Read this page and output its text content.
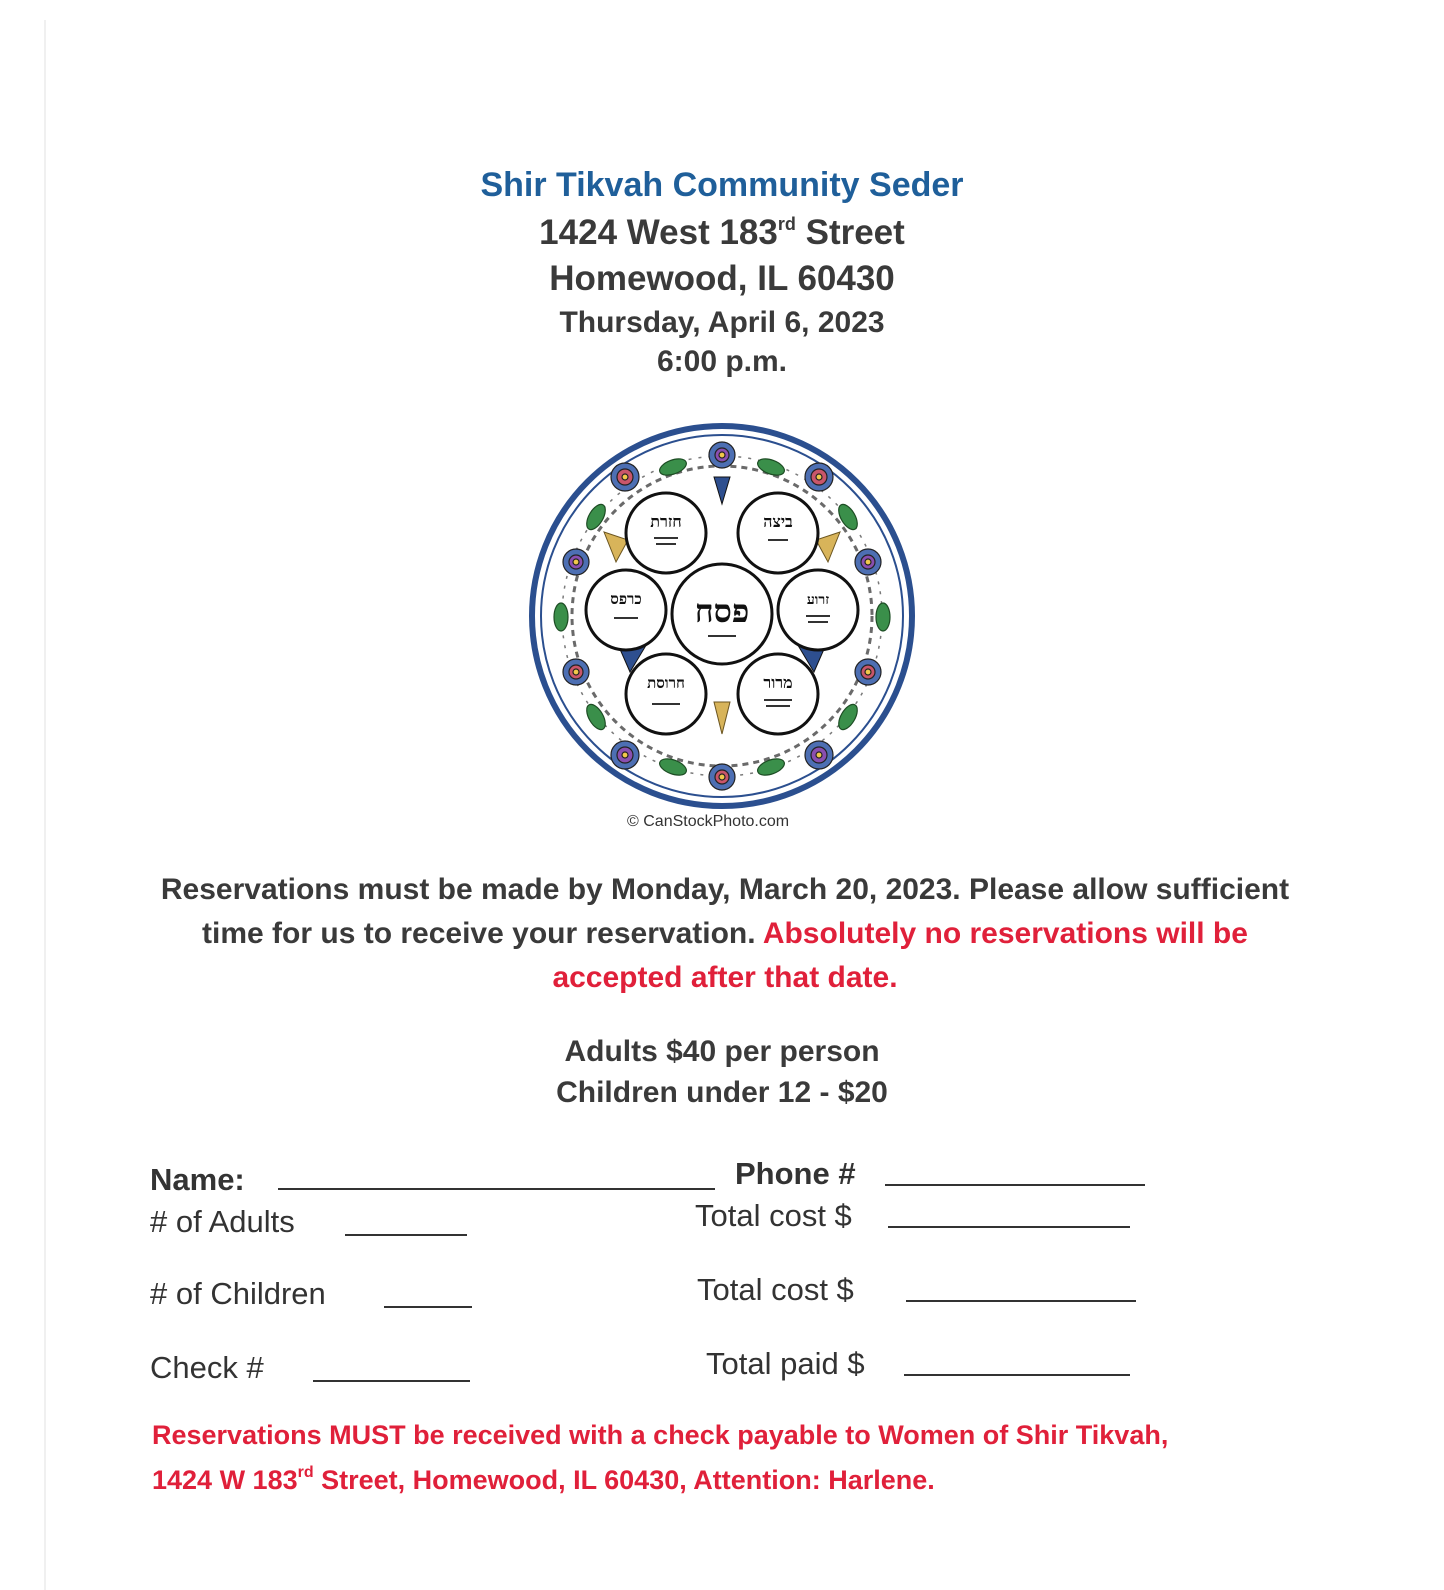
Shir Tikvah Community Seder
1424 West 183rd Street
Homewood, IL 60430
Thursday, April 6, 2023
6:00 p.m.
פסח
ביצה
זרוע
מרור
חרוסת
כרפס
חזרת
© CanStockPhoto.com
Reservations must be made by Monday, March 20, 2023. Please allow sufficient time for us to receive your reservation. Absolutely no reservations will be accepted after that date.
Adults $40 per person
Children under 12 - $20
Name:	Phone #
# of Adults	Total cost $
# of Children	Total cost $
Check #	Total paid $
Reservations MUST be received with a check payable to Women of Shir Tikvah,
1424 W 183rd Street, Homewood, IL 60430, Attention: Harlene.
